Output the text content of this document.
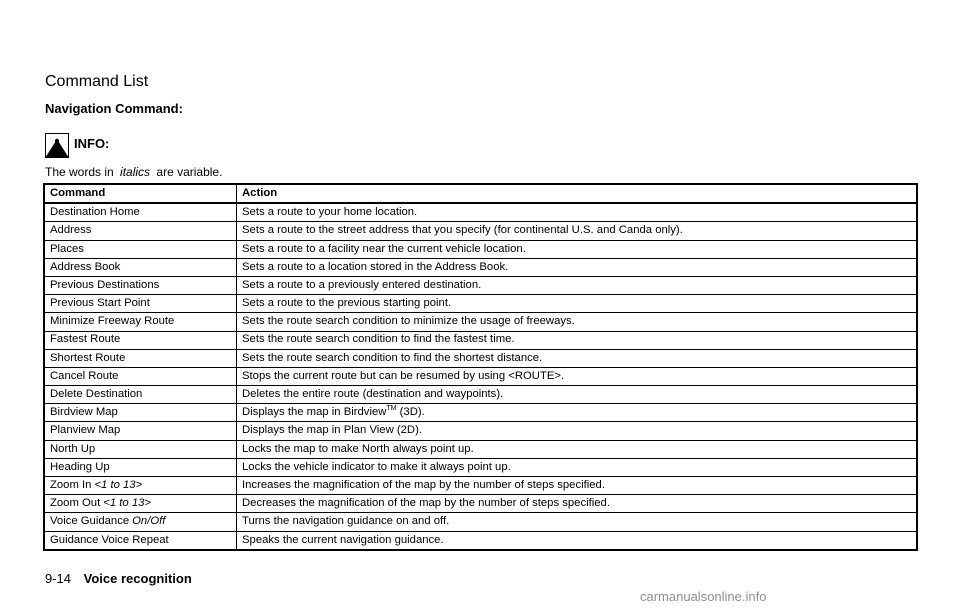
Command List
Navigation Command:
INFO:

The words in italics are variable.

Command	Action
Destination Home	Sets a route to your home location.
Address	Sets a route to the street address that you specify (for continental U.S. and Canda only).
Places	Sets a route to a facility near the current vehicle location.
Address Book	Sets a route to a location stored in the Address Book.
Previous Destinations	Sets a route to a previously entered destination.
Previous Start Point	Sets a route to the previous starting point.
Minimize Freeway Route	Sets the route search condition to minimize the usage of freeways.
Fastest Route	Sets the route search condition to find the fastest time.
Shortest Route	Sets the route search condition to find the shortest distance.
Cancel Route	Stops the current route but can be resumed by using <ROUTE>.
Delete Destination	Deletes the entire route (destination and waypoints).
Birdview Map	Displays the map in Birdview™ (3D).
Planview Map	Displays the map in Plan View (2D).
North Up	Locks the map to make North always point up.
Heading Up	Locks the vehicle indicator to make it always point up.
Zoom In <1 to 13>	Increases the magnification of the map by the number of steps specified.
Zoom Out <1 to 13>	Decreases the magnification of the map by the number of steps specified.
Voice Guidance On/Off	Turns the navigation guidance on and off.
Guidance Voice Repeat	Speaks the current navigation guidance.
9-14 Voice recognition
carmanualsonline.info
